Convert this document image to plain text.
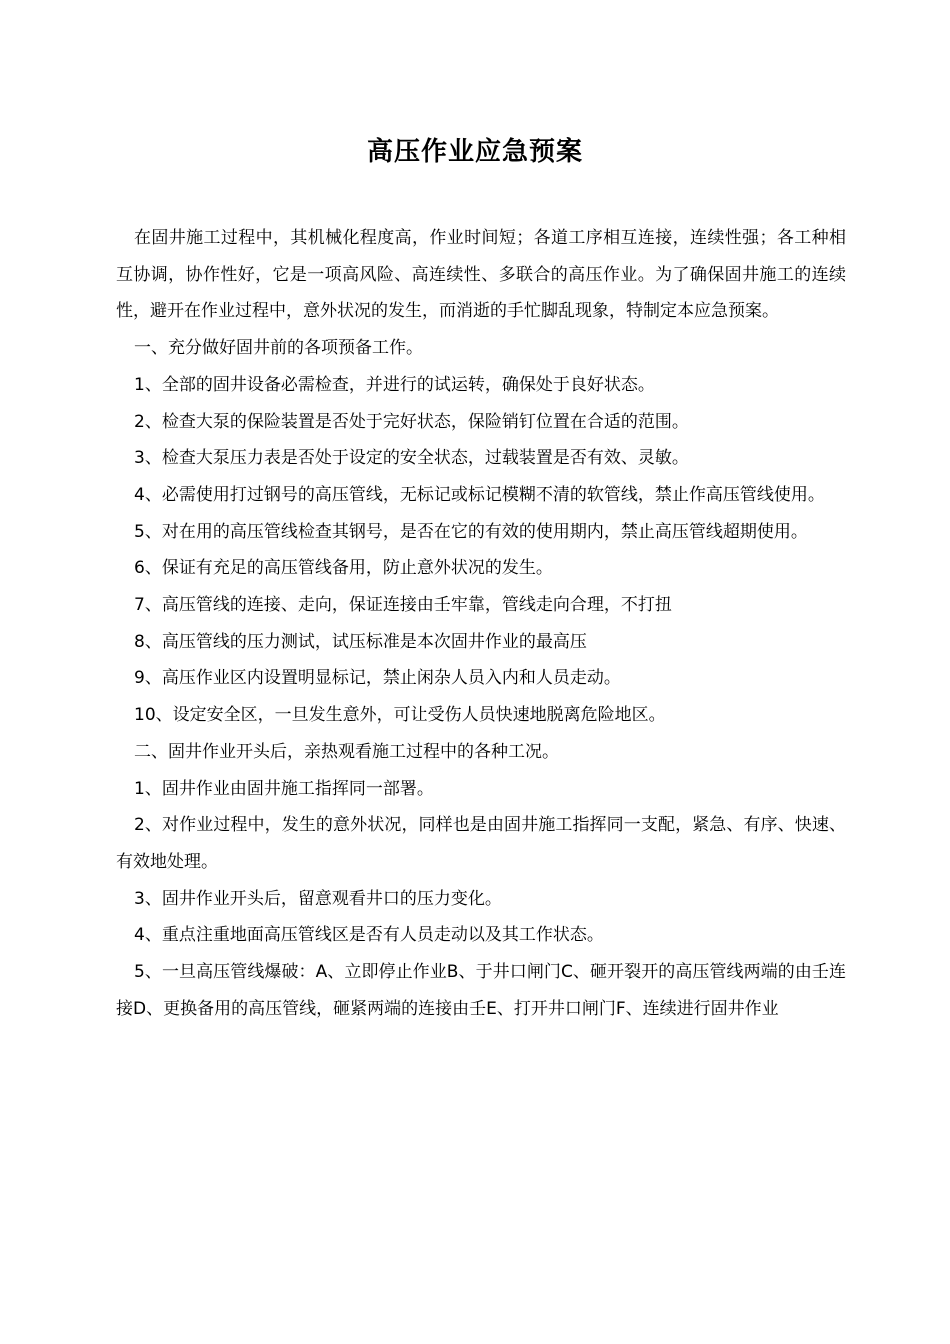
高压作业应急预案

在固井施工过程中，其机械化程度高，作业时间短；各道工序相互连接，连续性强；各工种相互协调，协作性好，它是一项高风险、高连续性、多联合的高压作业。为了确保固井施工的连续性，避开在作业过程中，意外状况的发生，而消逝的手忙脚乱现象，特制定本应急预案。

一、充分做好固井前的各项预备工作。

1、全部的固井设备必需检查，并进行的试运转，确保处于良好状态。

2、检查大泵的保险装置是否处于完好状态，保险销钉位置在合适的范围。

3、检查大泵压力表是否处于设定的安全状态，过载装置是否有效、灵敏。

4、必需使用打过钢号的高压管线，无标记或标记模糊不清的软管线，禁止作高压管线使用。

5、对在用的高压管线检查其钢号，是否在它的有效的使用期内，禁止高压管线超期使用。

6、保证有充足的高压管线备用，防止意外状况的发生。

7、高压管线的连接、走向，保证连接由壬牢靠，管线走向合理，不打扭

8、高压管线的压力测试，试压标准是本次固井作业的最高压

9、高压作业区内设置明显标记，禁止闲杂人员入内和人员走动。

10、设定安全区，一旦发生意外，可让受伤人员快速地脱离危险地区。

二、固井作业开头后，亲热观看施工过程中的各种工况。

1、固井作业由固井施工指挥同一部署。

2、对作业过程中，发生的意外状况，同样也是由固井施工指挥同一支配，紧急、有序、快速、有效地处理。

3、固井作业开头后，留意观看井口的压力变化。

4、重点注重地面高压管线区是否有人员走动以及其工作状态。

5、一旦高压管线爆破：A、立即停止作业B、于井口闸门C、砸开裂开的高压管线两端的由壬连接D、更换备用的高压管线，砸紧两端的连接由壬E、打开井口闸门F、连续进行固井作业
